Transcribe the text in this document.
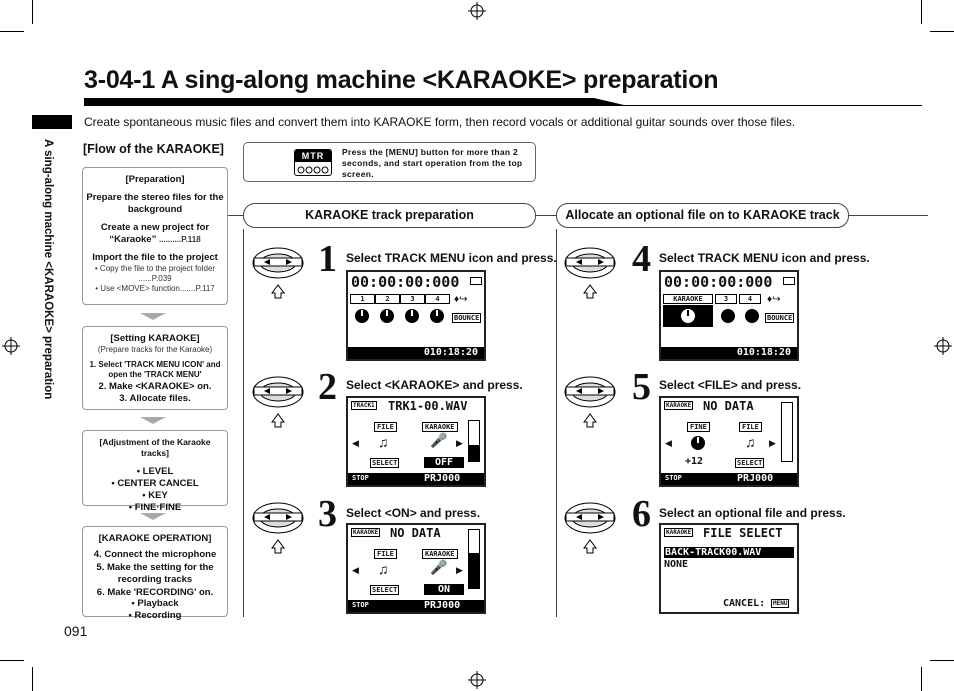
3-04-1 A sing-along machine <KARAOKE> preparation
Create spontaneous music files and convert them into KARAOKE form, then record vocals or additional guitar sounds over those files.
A sing-along machine <KARAOKE> preparation
091
[Flow of the KARAOKE]
[Preparation]
Prepare the stereo files for the background
Create a new project for
“Karaoke” ..........P.118
Import the file to the project
• Copy the file to the project folder
......P.039
• Use <MOVE> function.......P.117
[Setting KARAOKE]
(Prepare tracks for the Karaoke)
1. Select 'TRACK MENU ICON' and open the 'TRACK MENU'
2. Make <KARAOKE> on.
3. Allocate files.
[Adjustment of the Karaoke tracks]
• LEVEL
• CENTER CANCEL
• KEY
• FINE·FINE
[KARAOKE OPERATION]
4. Connect the microphone
5. Make the setting for the recording tracks
6. Make 'RECORDING' on.
• Playback
• Recording
MTR	Press the [MENU] button for more than 2 seconds, and start operation from the top screen.
KARAOKE track preparation	Allocate an optional file on to KARAOKE track
1 Select TRACK MENU icon and press.
2 Select <KARAOKE> and press.
3 Select <ON> and press.
4 Select TRACK MENU icon and press.
5 Select <FILE> and press.
6 Select an optional file and press.
00:00:00:000
1	2	3	4	♦↪
BOUNCE
010:18:20
00:00:00:000
KARAOKE	3	4	♦↪
BOUNCE
010:18:20
TRACK1 TRK1-00.WAV
FILE	KARAOKE
♫	🎤
◀	▶
SELECT	OFF
STOP	PRJ000
KARAOKE NO DATA
FILE	KARAOKE
♫	🎤
◀	▶
SELECT	ON
STOP	PRJ000
KARAOKE NO DATA
FINE	FILE
♫
◀	▶
+12	SELECT
STOP	PRJ000
KARAOKE FILE SELECT
BACK-TRACK00.WAV
NONE
CANCEL:	MENU
